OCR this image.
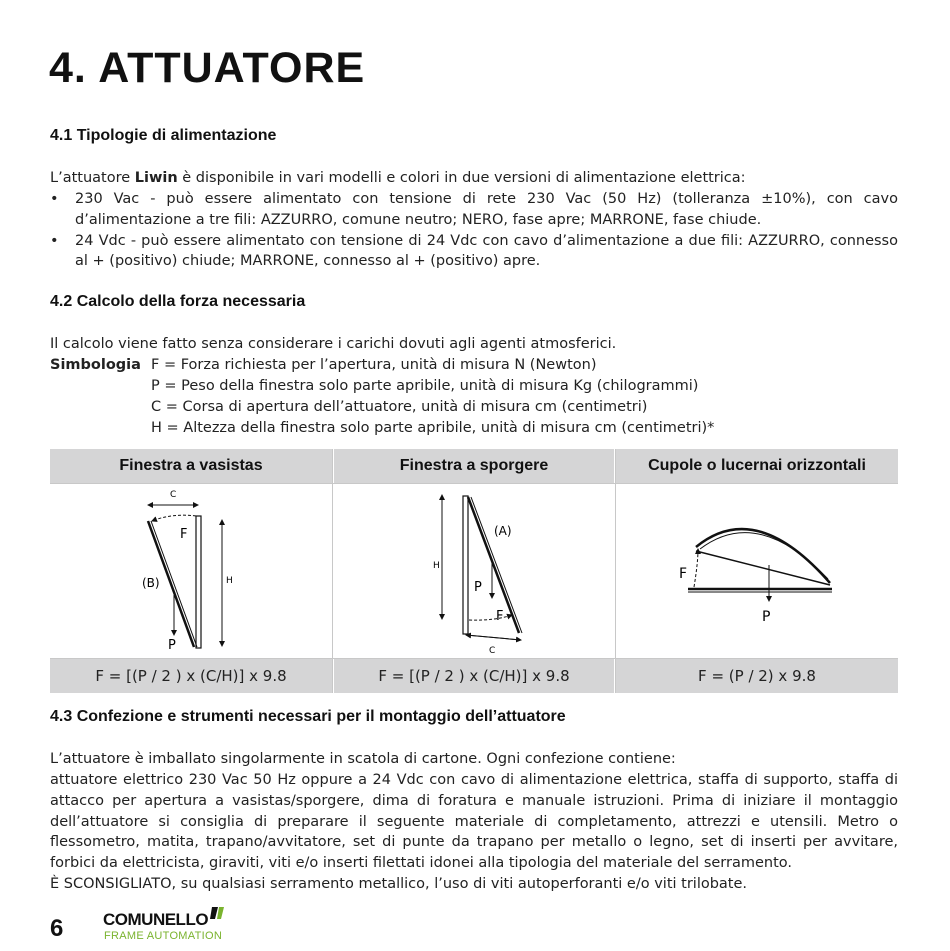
4. ATTUATORE
4.1 Tipologie di alimentazione
L’attuatore Liwin è disponibile in vari modelli e colori in due versioni di alimentazione elettrica:
• 230 Vac - può essere alimentato con tensione di rete 230 Vac (50 Hz) (tolleranza ±10%), con cavo d’alimentazione a tre fili: AZZURRO, comune neutro; NERO, fase apre; MARRONE, fase chiude.
• 24 Vdc - può essere alimentato con tensione di 24 Vdc con cavo d’alimentazione a due fili: AZZURRO, connesso al + (positivo) chiude; MARRONE, connesso al + (positivo) apre.
4.2 Calcolo della forza necessaria
Il calcolo viene fatto senza considerare i carichi dovuti agli agenti atmosferici.
Simbologia F = Forza richiesta per l’apertura, unità di misura N (Newton)
P = Peso della finestra solo parte apribile, unità di misura Kg (chilogrammi)
C = Corsa di apertura dell’attuatore, unità di misura cm (centimetri)
H = Altezza della finestra solo parte apribile, unità di misura cm (centimetri)*
Finestra a vasistas	Finestra a sporgere	Cupole o lucernai orizzontali
C
F
H
(B)
P
H
(A)
P
F
C
F
P
F = [(P / 2 ) x (C/H)] x 9.8	F = [(P / 2 ) x (C/H)] x 9.8	F = (P / 2) x 9.8
4.3 Confezione e strumenti necessari per il montaggio dell’attuatore
L’attuatore è imballato singolarmente in scatola di cartone. Ogni confezione contiene:
attuatore elettrico 230 Vac 50 Hz oppure a 24 Vdc con cavo di alimentazione elettrica, staffa di supporto, staffa di attacco per apertura a vasistas/sporgere, dima di foratura e manuale istruzioni. Prima di iniziare il montaggio dell’attuatore si consiglia di preparare il seguente materiale di completamento, attrezzi e utensili. Metro o flessometro, matita, trapano/avvitatore, set di punte da trapano per metallo o legno, set di inserti per avvitare, forbici da elettricista, giraviti, viti e/o inserti filettati idonei alla tipologia del materiale del serramento.
È SCONSIGLIATO, su qualsiasi serramento metallico, l’uso di viti autoperforanti e/o viti trilobate.
6 COMUNELLO
FRAME AUTOMATION
